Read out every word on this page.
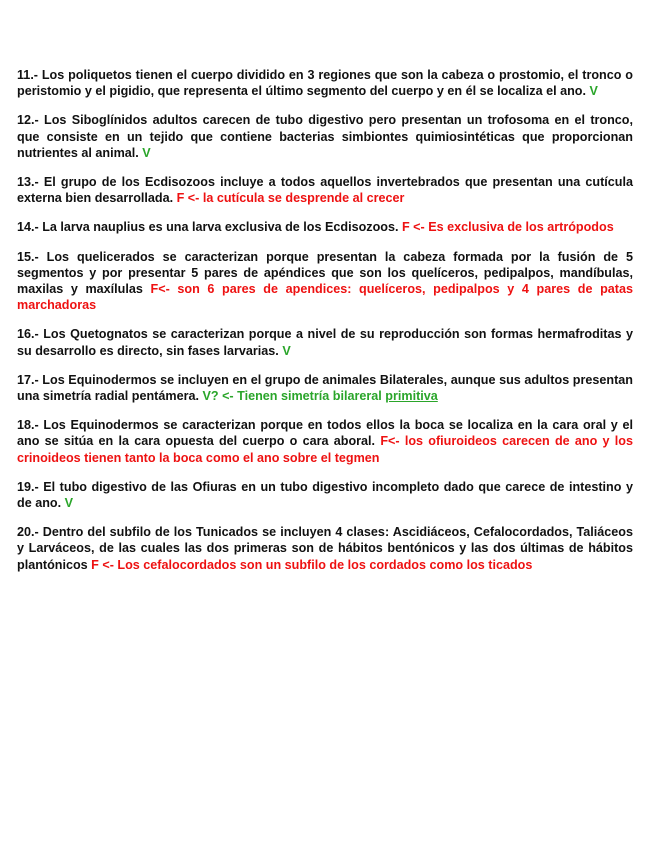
11.- Los poliquetos tienen el cuerpo dividido en 3 regiones que son la cabeza o prostomio, el tronco o peristomio y el pigidio, que representa el último segmento del cuerpo y en él se localiza el ano. V

12.- Los Siboglínidos adultos carecen de tubo digestivo pero presentan un trofosoma en el tronco, que consiste en un tejido que contiene bacterias simbiontes quimiosintéticas que proporcionan nutrientes al animal. V

13.- El grupo de los Ecdisozoos incluye a todos aquellos invertebrados que presentan una cutícula externa bien desarrollada. F <- la cutícula se desprende al crecer

14.- La larva nauplius es una larva exclusiva de los Ecdisozoos. F <- Es exclusiva de los artrópodos

15.- Los quelicerados se caracterizan porque presentan la cabeza formada por la fusión de 5 segmentos y por presentar 5 pares de apéndices que son los quelíceros, pedipalpos, mandíbulas, maxilas y maxílulas F<- son 6 pares de apendices: quelíceros, pedipalpos y 4 pares de patas marchadoras

16.- Los Quetognatos se caracterizan porque a nivel de su reproducción son formas hermafroditas y su desarrollo es directo, sin fases larvarias. V

17.- Los Equinodermos se incluyen en el grupo de animales Bilaterales, aunque sus adultos presentan una simetría radial pentámera. V? <- Tienen simetría bilareral primitiva

18.- Los Equinodermos se caracterizan porque en todos ellos la boca se localiza en la cara oral y el ano se sitúa en la cara opuesta del cuerpo o cara aboral. F<- los ofiuroideos carecen de ano y los crinoideos tienen tanto la boca como el ano sobre el tegmen

19.- El tubo digestivo de las Ofiuras en un tubo digestivo incompleto dado que carece de intestino y de ano. V

20.- Dentro del subfilo de los Tunicados se incluyen 4 clases: Ascidiáceos, Cefalocordados, Taliáceos y Larváceos, de las cuales las dos primeras son de hábitos bentónicos y las dos últimas de hábitos plantónicos F <- Los cefalocordados son un subfilo de los cordados como los ticados
